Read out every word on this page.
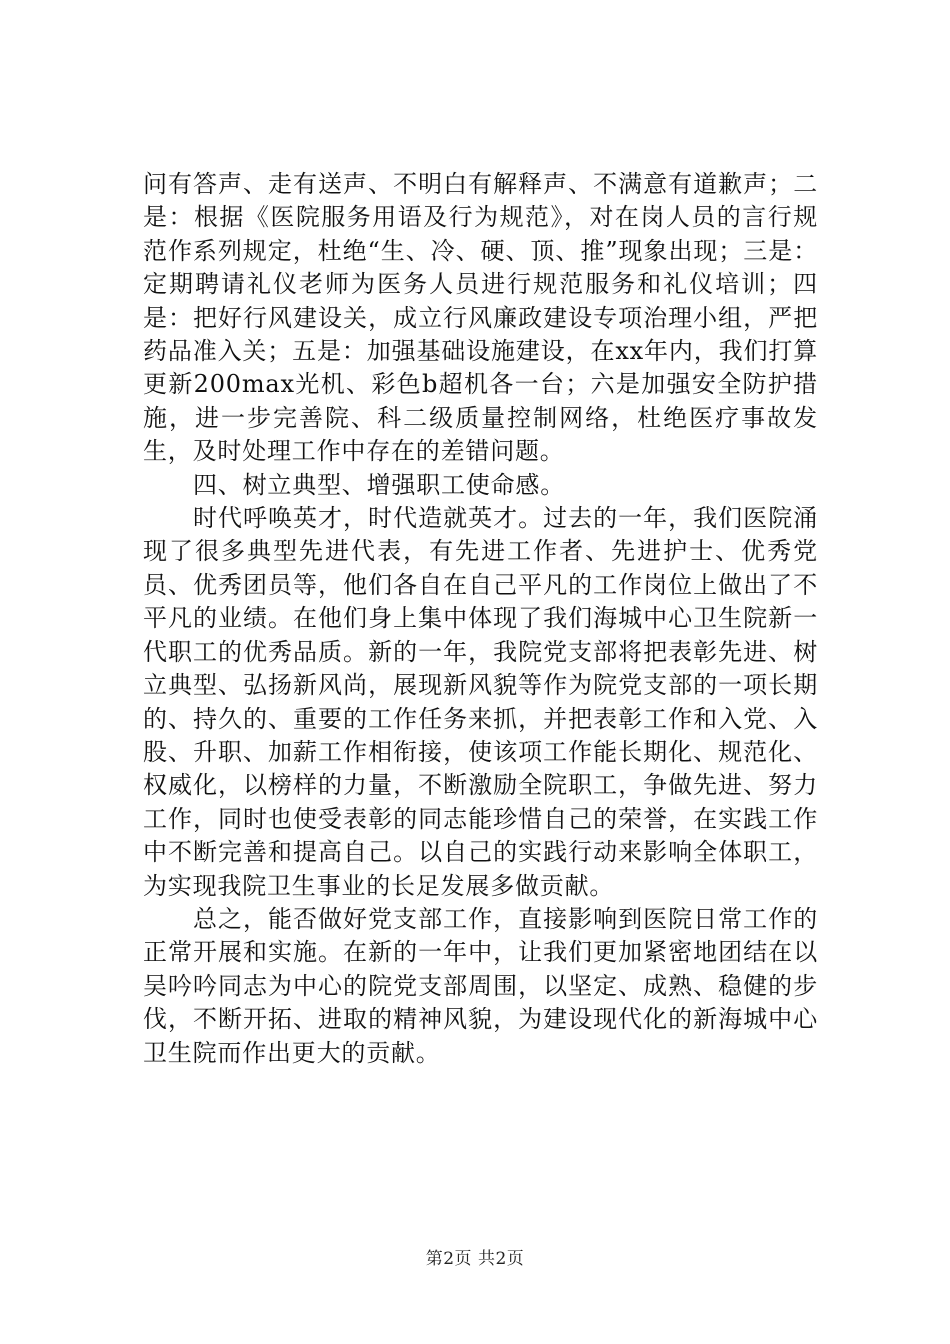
问有答声、走有送声、不明白有解释声、不满意有道歉声；二是：根据《医院服务用语及行为规范》，对在岗人员的言行规范作系列规定，杜绝“生、冷、硬、顶、推”现象出现；三是：定期聘请礼仪老师为医务人员进行规范服务和礼仪培训；四是：把好行风建设关，成立行风廉政建设专项治理小组，严把药品准入关；五是：加强基础设施建设，在xx年内，我们打算更新200max光机、彩色b超机各一台；六是加强安全防护措施，进一步完善院、科二级质量控制网络，杜绝医疗事故发生，及时处理工作中存在的差错问题。

四、树立典型、增强职工使命感。

时代呼唤英才，时代造就英才。过去的一年，我们医院涌现了很多典型先进代表，有先进工作者、先进护士、优秀党员、优秀团员等，他们各自在自己平凡的工作岗位上做出了不平凡的业绩。在他们身上集中体现了我们海城中心卫生院新一代职工的优秀品质。新的一年，我院党支部将把表彰先进、树立典型、弘扬新风尚，展现新风貌等作为院党支部的一项长期的、持久的、重要的工作任务来抓，并把表彰工作和入党、入股、升职、加薪工作相衔接，使该项工作能长期化、规范化、权威化，以榜样的力量，不断激励全院职工，争做先进、努力工作，同时也使受表彰的同志能珍惜自己的荣誉，在实践工作中不断完善和提高自己。以自己的实践行动来影响全体职工，为实现我院卫生事业的长足发展多做贡献。

总之，能否做好党支部工作，直接影响到医院日常工作的正常开展和实施。在新的一年中，让我们更加紧密地团结在以吴吟吟同志为中心的院党支部周围，以坚定、成熟、稳健的步伐，不断开拓、进取的精神风貌，为建设现代化的新海城中心卫生院而作出更大的贡献。

第2页 共2页
